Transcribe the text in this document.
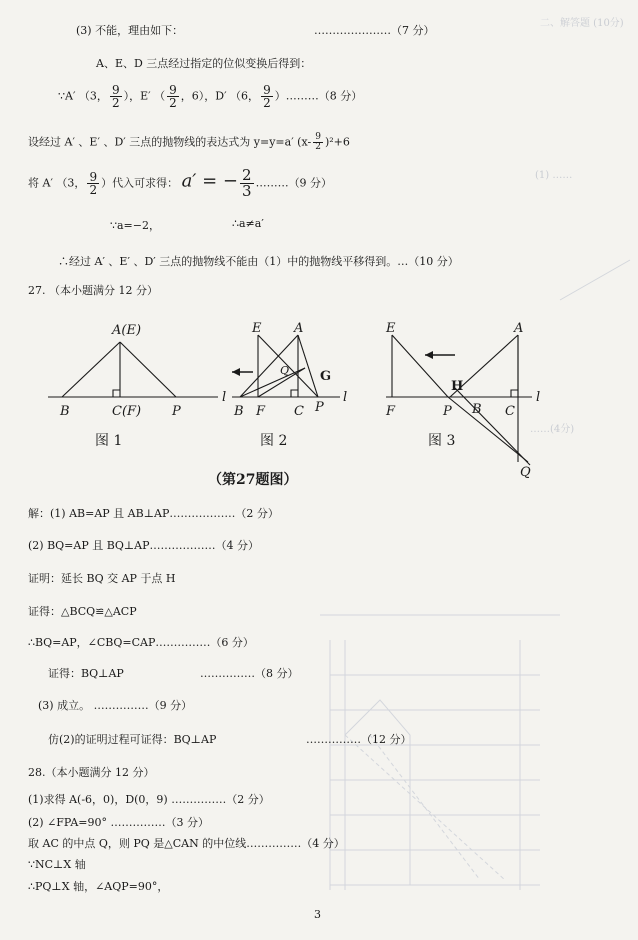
二、解答题 (10分)
(1) ……
……(4分)
(3) 不能，理由如下：	…………………（7 分）
A、E、D 三点经过指定的位似变换后得到：
∵A′ （3， $\frac{9}{2}$ ），E′ （ $\frac{9}{2}$ ，6），D′ （6， $\frac{9}{2}$ ）………（8 分）
设经过 A′ 、E′ 、D′ 三点的抛物线的表达式为 y=y=a′ $(x- \frac{9}{2} )^2+6$
将 A′ （3， $\frac{9}{2}$ ）代入可求得： a′ = − $\frac{2}{3}$ ………（9 分）
∵a=−2，	∴a≠a′
∴经过 A′ 、E′ 、D′ 三点的抛物线不能由（1）中的抛物线平移得到。…（10 分）
27. （本小题满分 12 分）
A(E)
B	C(F) P
l
E	A
Q G
B F C P
l
E	A
H
F	P B C
l
Q
图 1	图 2	图 3
（第27题图）
解：(1) AB=AP 且 AB⊥AP………………（2 分）
(2) BQ=AP 且 BQ⊥AP………………（4 分）
证明：延长 BQ 交 AP 于点 H
证得：△BCQ≌△ACP
∴BQ=AP，∠CBQ=CAP……………（6 分）
证得：BQ⊥AP	……………（8 分）
(3) 成立。 ……………（9 分）
仿(2)的证明过程可证得：BQ⊥AP	……………（12 分）
28.（本小题满分 12 分）
(1)求得 A(-6，0)，D(0，9) ……………（2 分）
(2) ∠FPA=90° ……………（3 分）
取 AC 的中点 Q，则 PQ 是△CAN 的中位线……………（4 分）
∵NC⊥X 轴
∴PQ⊥X 轴，∠AQP=90°，
3
